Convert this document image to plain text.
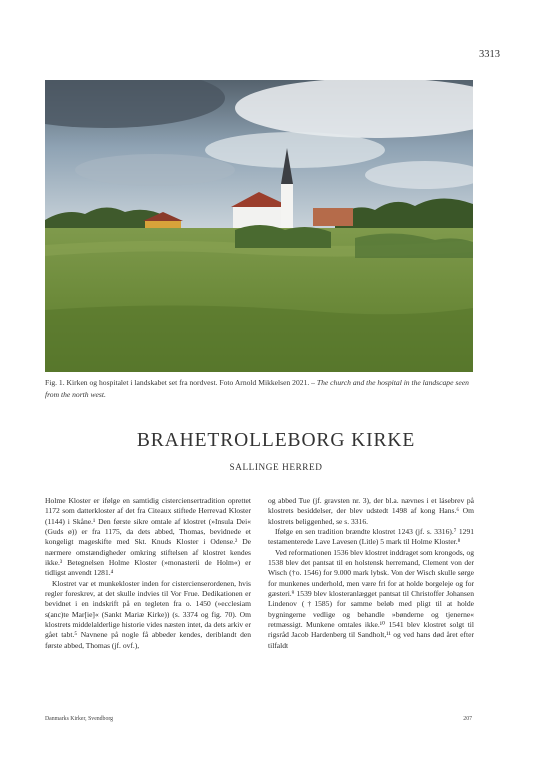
3313
Fig. 1. Kirken og hospitalet i landskabet set fra nordvest. Foto Arnold Mikkelsen 2021. – The church and the hospital in the landscape seen from the north west.
BRAHETROLLEBORG KIRKE
SALLINGE HERRED

Holme Kloster er ifølge en samtidig cisterciensertradition oprettet 1172 som datterkloster af det fra Citeaux stiftede Herrevad Kloster (1144) i Skåne.¹ Den første sikre omtale af klostret (»Insula Dei« (Guds ø)) er fra 1175, da dets abbed, Thomas, bevidnede et kongeligt mageskifte med Skt. Knuds Kloster i Odense.² De nærmere omstændigheder omkring stiftelsen af klostret kendes ikke.³ Betegnelsen Holme Kloster (»monasterii de Holm«) er tidligst anvendt 1281.⁴

Klostret var et munkekloster inden for cistercienserordenen, hvis regler foreskrev, at det skulle indvies til Vor Frue. Dedikationen er bevidnet i en indskrift på en tegleten fra o. 1450 (»ecclesiam s(anc)te Mar[ie]« (Sankt Mariæ Kirke)) (s. 3374 og fig. 70). Om klostrets middelalderlige historie vides næsten intet, da dets arkiv er gået tabt.⁵ Navnene på nogle få abbeder kendes, deriblandt den første abbed, Thomas (jf. ovf.),

og abbed Tue (jf. gravsten nr. 3), der bl.a. nævnes i et lásebrev på klostrets besiddelser, der blev udstedt 1498 af kong Hans.⁶ Om klostrets beliggenhed, se s. 3316.

Ifølge en sen tradition brændte klostret 1243 (jf. s. 3316).⁷ 1291 testamenterede Lave Lavesen (Litle) 5 mark til Holme Kloster.⁸

Ved reformationen 1536 blev klostret inddraget som krongods, og 1538 blev det pantsat til en holstensk herremand, Clement von der Wisch (†o. 1546) for 9.000 mark lybsk. Von der Wisch skulle sørge for munkenes underhold, men være fri for at holde borgeleje og for gæsteri.⁹ 1539 blev klosteranlægget pantsat til Christoffer Johansen Lindenov (†1585) for samme beløb med pligt til at holde bygningerne vedlige og behandle »bønderne og tjenerne« retmæssigt. Munkene omtales ikke.¹⁰ 1541 blev klostret solgt til rigsråd Jacob Hardenberg til Sandholt,¹¹ og ved hans død året efter tilfaldt

Danmarks Kirker, Svendborg	207
